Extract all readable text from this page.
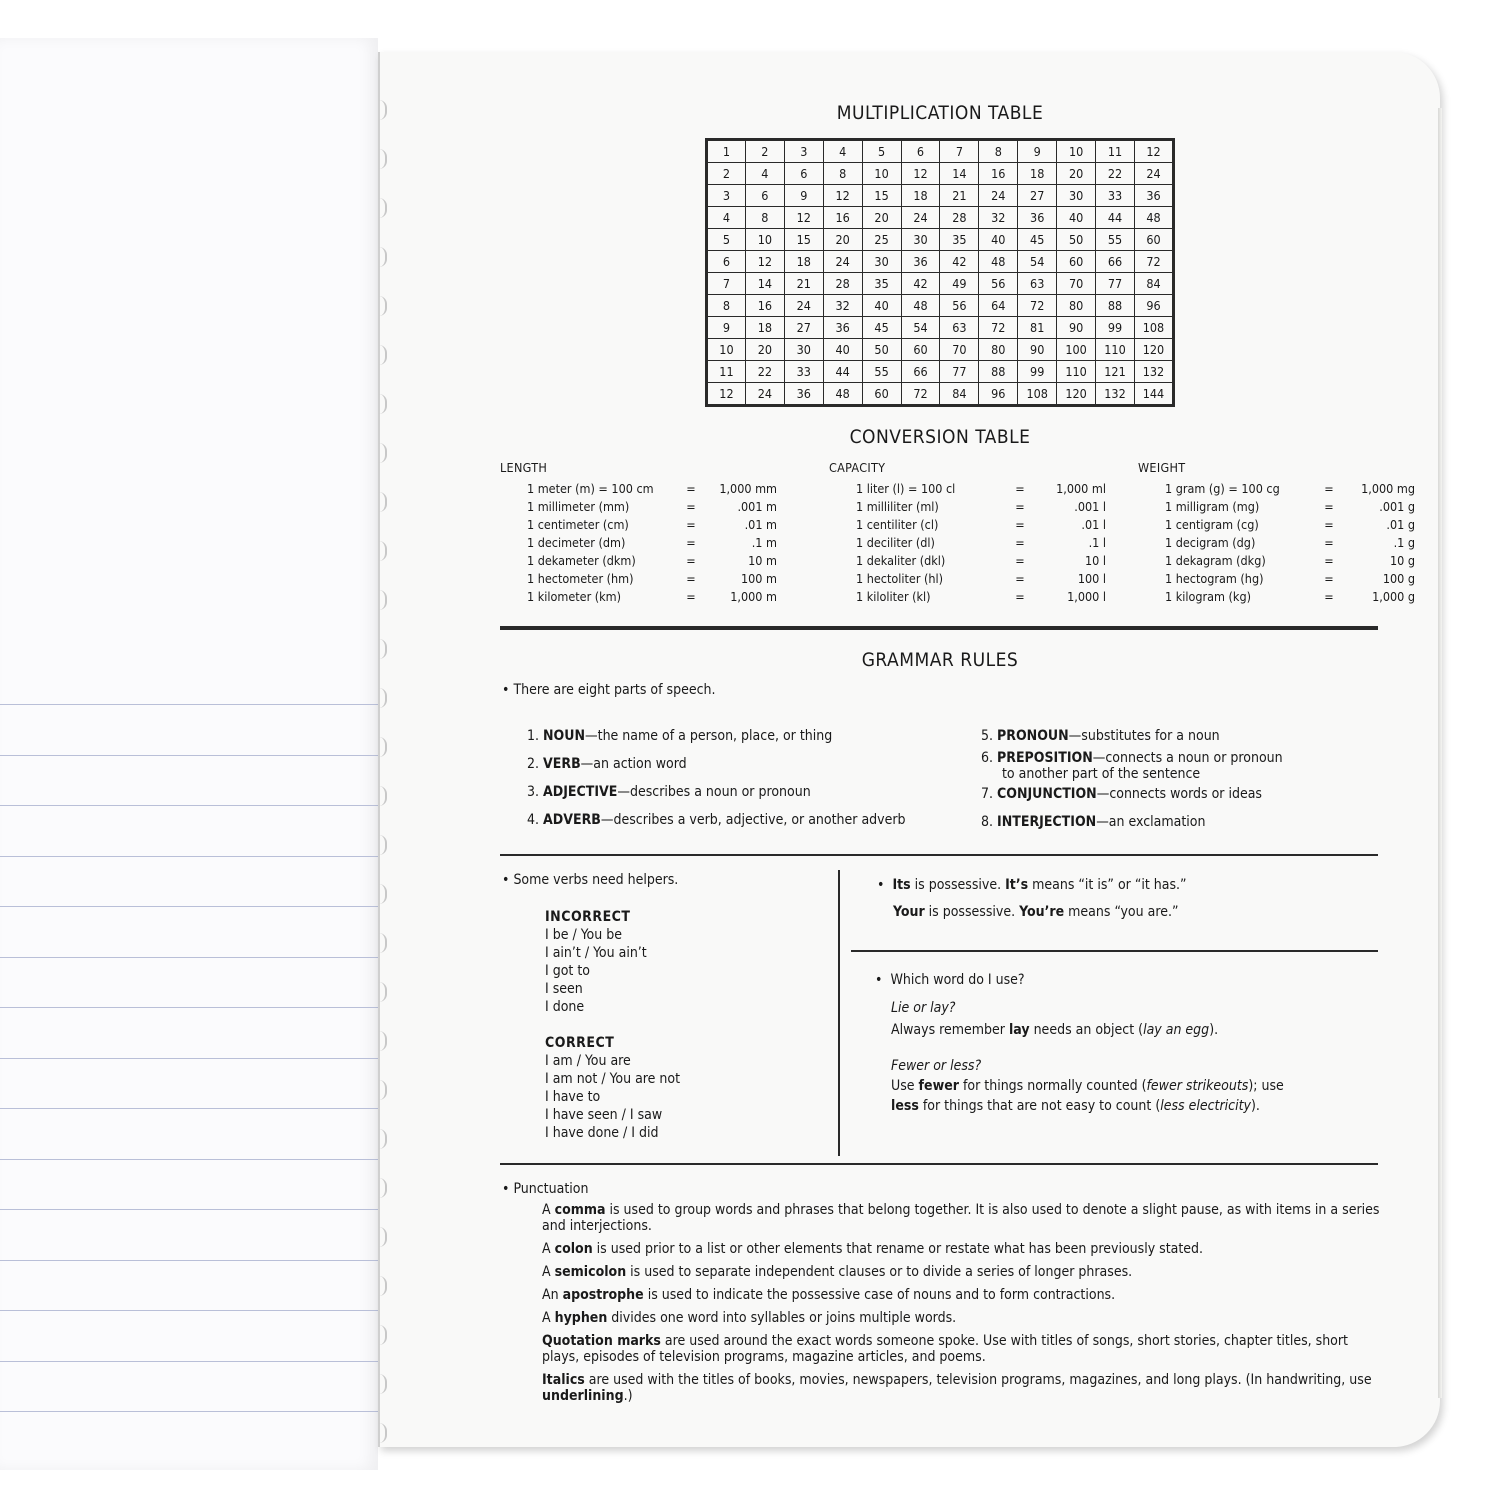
MULTIPLICATION TABLE
1	2	3	4	5	6	7	8	9	10	11	12
2	4	6	8	10	12	14	16	18	20	22	24
3	6	9	12	15	18	21	24	27	30	33	36
4	8	12	16	20	24	28	32	36	40	44	48
5	10	15	20	25	30	35	40	45	50	55	60
6	12	18	24	30	36	42	48	54	60	66	72
7	14	21	28	35	42	49	56	63	70	77	84
8	16	24	32	40	48	56	64	72	80	88	96
9	18	27	36	45	54	63	72	81	90	99	108
10	20	30	40	50	60	70	80	90	100	110	120
11	22	33	44	55	66	77	88	99	110	121	132
12	24	36	48	60	72	84	96	108	120	132	144
CONVERSION TABLE
LENGTH
1 meter (m) = 100 cm	=	1,000 mm
1 millimeter (mm)	=	.001 m
1 centimeter (cm)	=	.01 m
1 decimeter (dm)	=	.1 m
1 dekameter (dkm)	=	10 m
1 hectometer (hm)	=	100 m
1 kilometer (km)	=	1,000 m
CAPACITY
1 liter (l) = 100 cl	=	1,000 ml
1 milliliter (ml)	=	.001 l
1 centiliter (cl)	=	.01 l
1 deciliter (dl)	=	.1 l
1 dekaliter (dkl)	=	10 l
1 hectoliter (hl)	=	100 l
1 kiloliter (kl)	=	1,000 l
WEIGHT
1 gram (g) = 100 cg	=	1,000 mg
1 milligram (mg)	=	.001 g
1 centigram (cg)	=	.01 g
1 decigram (dg)	=	.1 g
1 dekagram (dkg)	=	10 g
1 hectogram (hg)	=	100 g
1 kilogram (kg)	=	1,000 g
GRAMMAR RULES
• There are eight parts of speech.
1. NOUN—the name of a person, place, or thing
2. VERB—an action word
3. ADJECTIVE—describes a noun or pronoun
4. ADVERB—describes a verb, adjective, or another adverb
5. PRONOUN—substitutes for a noun
6. PREPOSITION—connects a noun or pronoun
to another part of the sentence
7. CONJUNCTION—connects words or ideas
8. INTERJECTION—an exclamation
• Some verbs need helpers.
INCORRECT
I be / You be
I ain’t / You ain’t
I got to
I seen
I done
CORRECT
I am / You are
I am not / You are not
I have to
I have seen / I saw
I have done / I did
• Its is possessive. It’s means “it is” or “it has.”
Your is possessive. You’re means “you are.”
• Which word do I use?
Lie or lay?
Always remember lay needs an object (lay an egg).
Fewer or less?
Use fewer for things normally counted (fewer strikeouts); use
less for things that are not easy to count (less electricity).
• Punctuation

A comma is used to group words and phrases that belong together. It is also used to denote a slight pause, as with items in a series and interjections.

A colon is used prior to a list or other elements that rename or restate what has been previously stated.

A semicolon is used to separate independent clauses or to divide a series of longer phrases.

An apostrophe is used to indicate the possessive case of nouns and to form contractions.

A hyphen divides one word into syllables or joins multiple words.

Quotation marks are used around the exact words someone spoke. Use with titles of songs, short stories, chapter titles, short plays, episodes of television programs, magazine articles, and poems.

Italics are used with the titles of books, movies, newspapers, television programs, magazines, and long plays. (In handwriting, use underlining.)
